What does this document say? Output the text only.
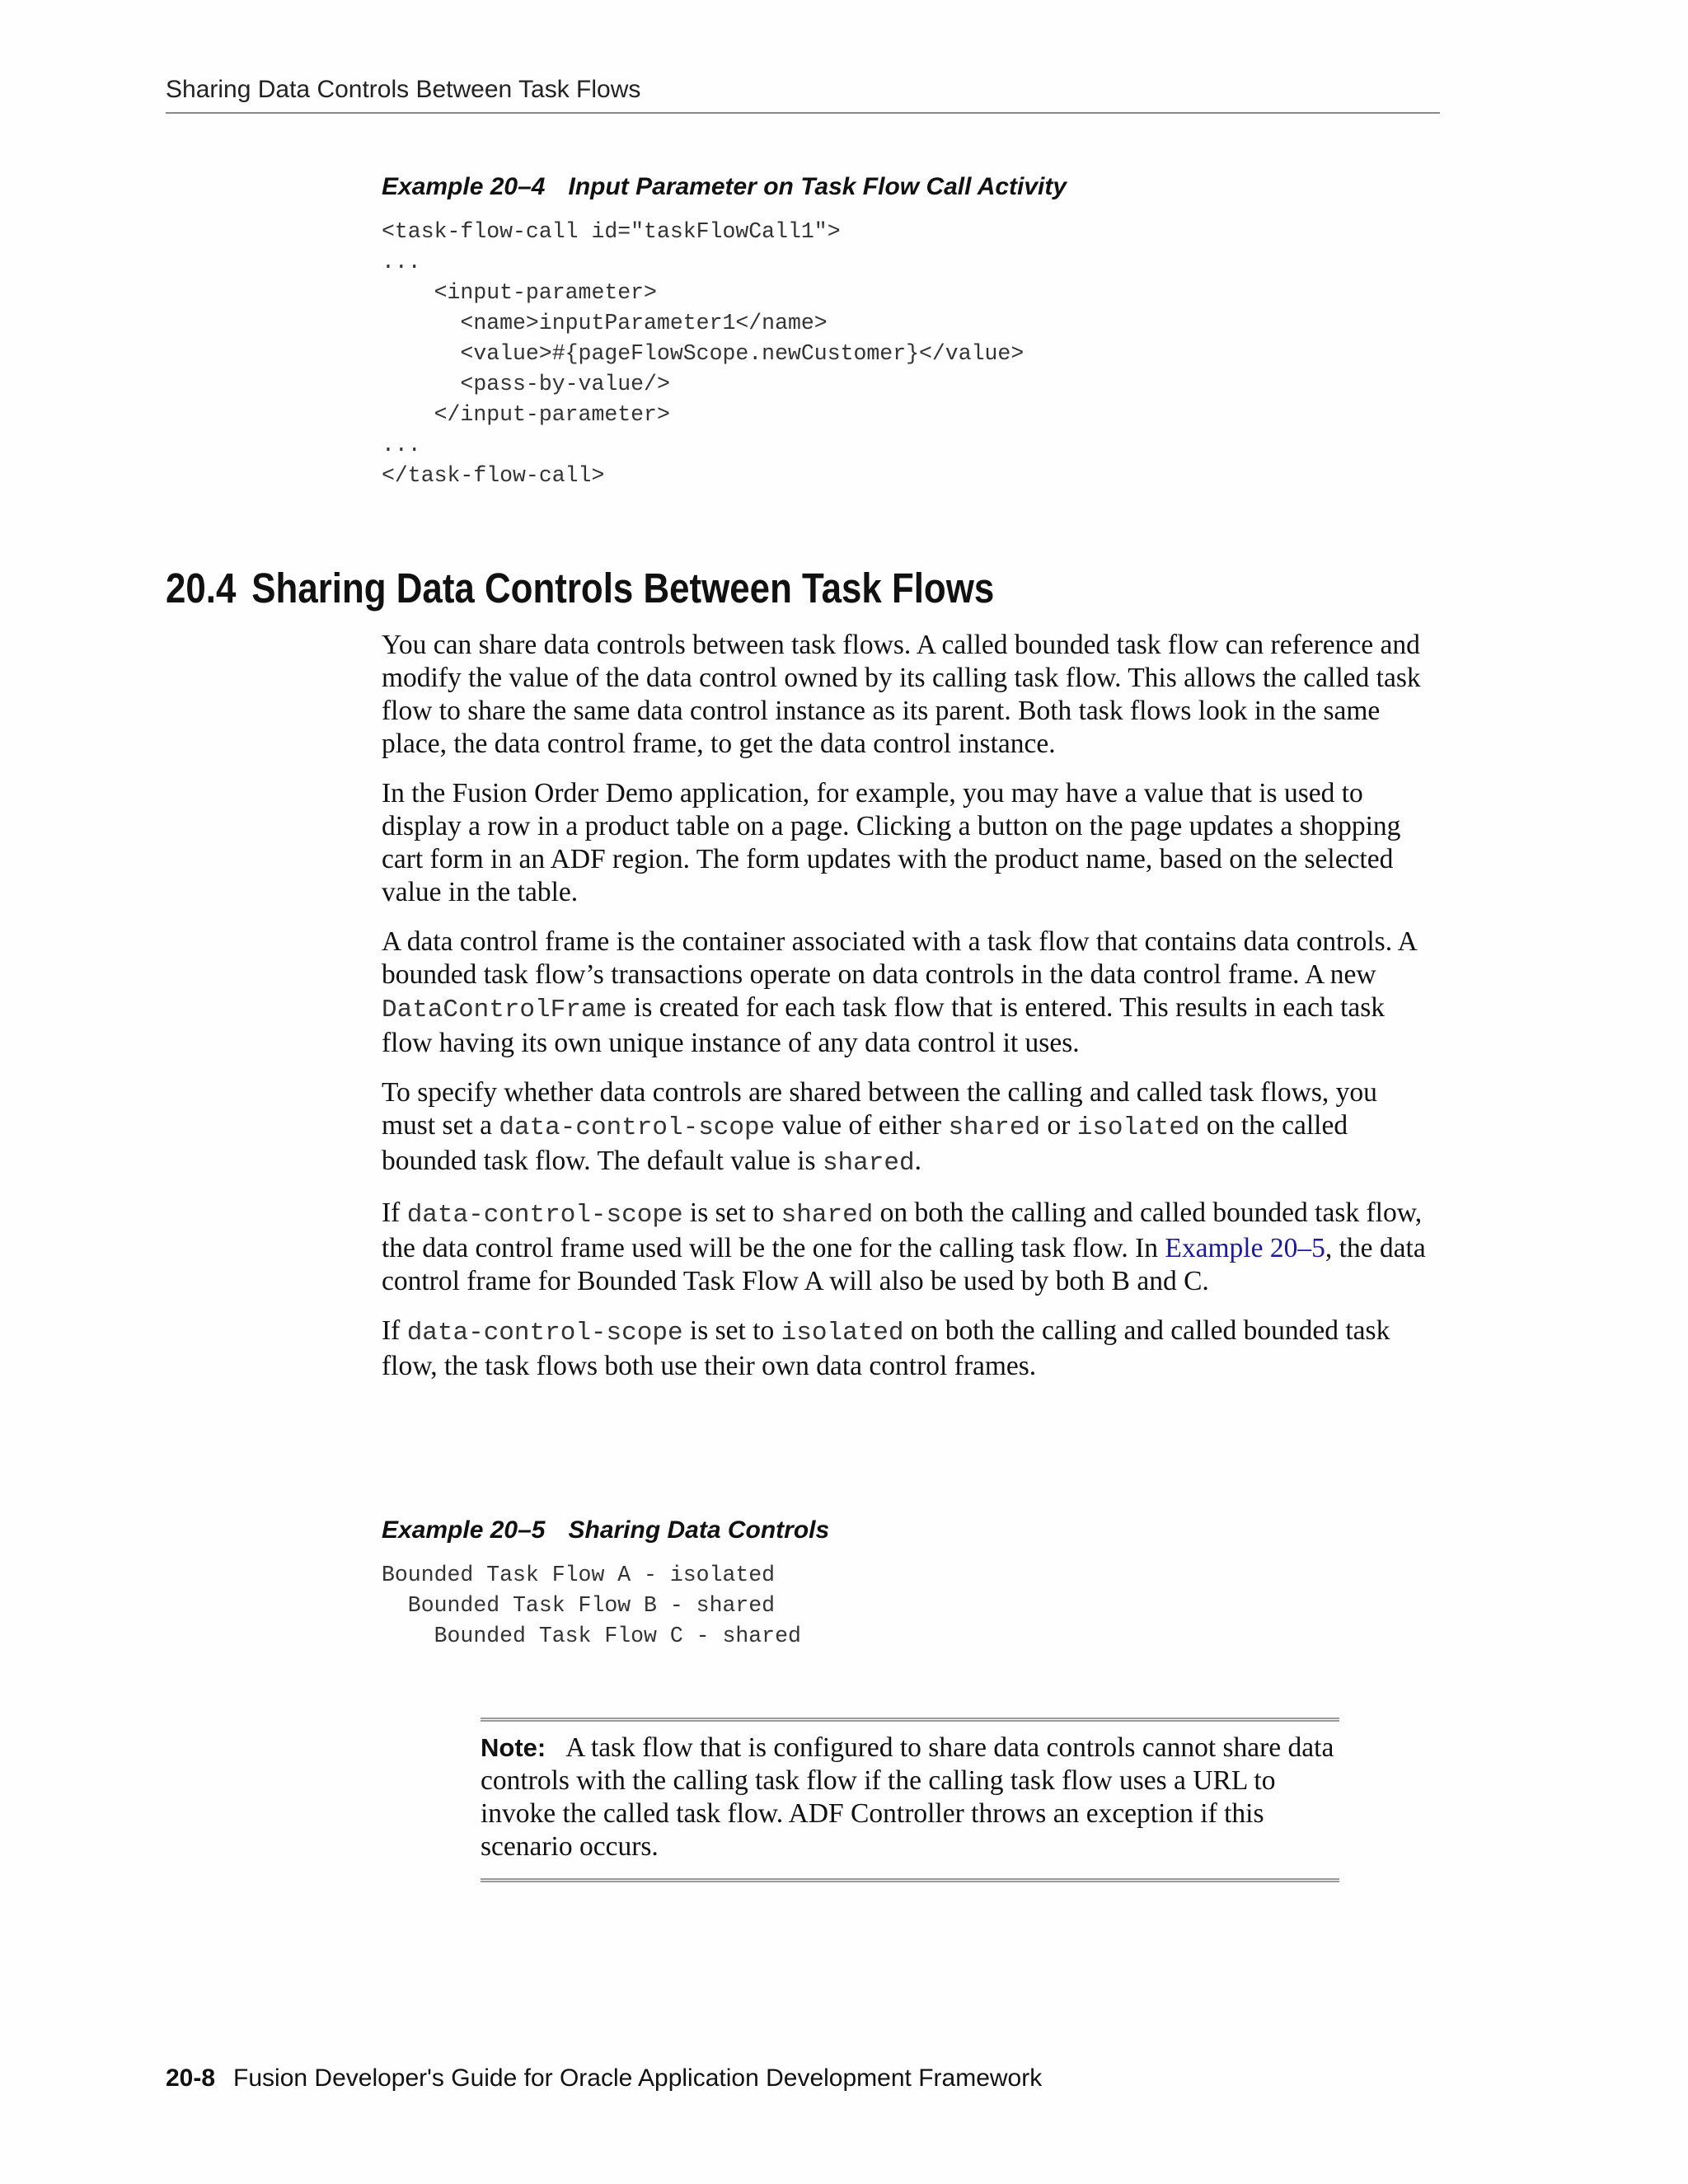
Sharing Data Controls Between Task Flows
Example 20–4 Input Parameter on Task Flow Call Activity
<task-flow-call id="taskFlowCall1">
...
<input-parameter>
<name>inputParameter1</name>
<value>#{pageFlowScope.newCustomer}</value>
<pass-by-value/>
</input-parameter>
...
</task-flow-call>
20.4 Sharing Data Controls Between Task Flows

You can share data controls between task flows. A called bounded task flow can reference and modify the value of the data control owned by its calling task flow. This allows the called task flow to share the same data control instance as its parent. Both task flows look in the same place, the data control frame, to get the data control instance.

In the Fusion Order Demo application, for example, you may have a value that is used to display a row in a product table on a page. Clicking a button on the page updates a shopping cart form in an ADF region. The form updates with the product name, based on the selected value in the table.

A data control frame is the container associated with a task flow that contains data controls. A bounded task flow’s transactions operate on data controls in the data control frame. A new DataControlFrame is created for each task flow that is entered. This results in each task flow having its own unique instance of any data control it uses.

To specify whether data controls are shared between the calling and called task flows, you must set a data-control-scope value of either shared or isolated on the called bounded task flow. The default value is shared.

If data-control-scope is set to shared on both the calling and called bounded task flow, the data control frame used will be the one for the calling task flow. In Example 20–5, the data control frame for Bounded Task Flow A will also be used by both B and C.

If data-control-scope is set to isolated on both the calling and called bounded task flow, the task flows both use their own data control frames.

Example 20–5 Sharing Data Controls
Bounded Task Flow A - isolated
Bounded Task Flow B - shared
Bounded Task Flow C - shared
Note: A task flow that is configured to share data controls cannot share data controls with the calling task flow if the calling task flow uses a URL to invoke the called task flow. ADF Controller throws an exception if this scenario occurs.
20-8 Fusion Developer's Guide for Oracle Application Development Framework
